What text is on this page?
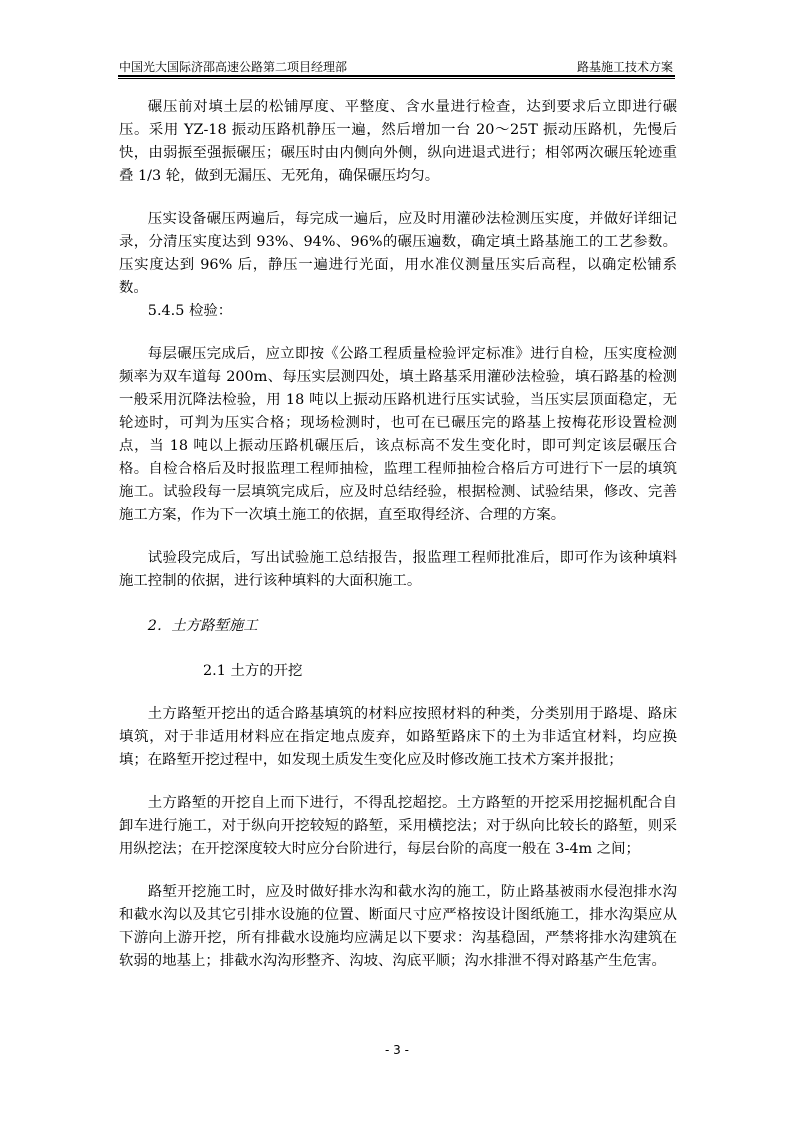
中国光大国际济邵高速公路第二项目经理部	路基施工技术方案

碾压前对填土层的松铺厚度、平整度、含水量进行检查，达到要求后立即进行碾压。采用 YZ-18 振动压路机静压一遍，然后增加一台 20～25T 振动压路机，先慢后快，由弱振至强振碾压；碾压时由内侧向外侧，纵向进退式进行；相邻两次碾压轮迹重叠 1/3 轮，做到无漏压、无死角，确保碾压均匀。

压实设备碾压两遍后，每完成一遍后，应及时用灌砂法检测压实度，并做好详细记录，分清压实度达到 93%、94%、96%的碾压遍数，确定填土路基施工的工艺参数。压实度达到 96% 后，静压一遍进行光面，用水准仪测量压实后高程，以确定松铺系数。

5.4.5 检验：

每层碾压完成后，应立即按《公路工程质量检验评定标准》进行自检，压实度检测频率为双车道每 200m、每压实层测四处，填土路基采用灌砂法检验，填石路基的检测一般采用沉降法检验，用 18 吨以上振动压路机进行压实试验，当压实层顶面稳定，无轮迹时，可判为压实合格；现场检测时，也可在已碾压完的路基上按梅花形设置检测点，当 18 吨以上振动压路机碾压后，该点标高不发生变化时，即可判定该层碾压合格。自检合格后及时报监理工程师抽检，监理工程师抽检合格后方可进行下一层的填筑施工。试验段每一层填筑完成后，应及时总结经验，根据检测、试验结果，修改、完善施工方案，作为下一次填土施工的依据，直至取得经济、合理的方案。

试验段完成后，写出试验施工总结报告，报监理工程师批准后，即可作为该种填料施工控制的依据，进行该种填料的大面积施工。

2．土方路堑施工

2.1 土方的开挖

土方路堑开挖出的适合路基填筑的材料应按照材料的种类，分类别用于路堤、路床填筑，对于非适用材料应在指定地点废弃，如路堑路床下的土为非适宜材料，均应换填；在路堑开挖过程中，如发现土质发生变化应及时修改施工技术方案并报批；

土方路堑的开挖自上而下进行，不得乱挖超挖。土方路堑的开挖采用挖掘机配合自卸车进行施工，对于纵向开挖较短的路堑，采用横挖法；对于纵向比较长的路堑，则采用纵挖法；在开挖深度较大时应分台阶进行，每层台阶的高度一般在 3-4m 之间；

路堑开挖施工时，应及时做好排水沟和截水沟的施工，防止路基被雨水侵泡排水沟和截水沟以及其它引排水设施的位置、断面尺寸应严格按设计图纸施工，排水沟渠应从下游向上游开挖，所有排截水设施均应满足以下要求：沟基稳固，严禁将排水沟建筑在软弱的地基上；排截水沟沟形整齐、沟坡、沟底平顺；沟水排泄不得对路基产生危害。

- 3 -
